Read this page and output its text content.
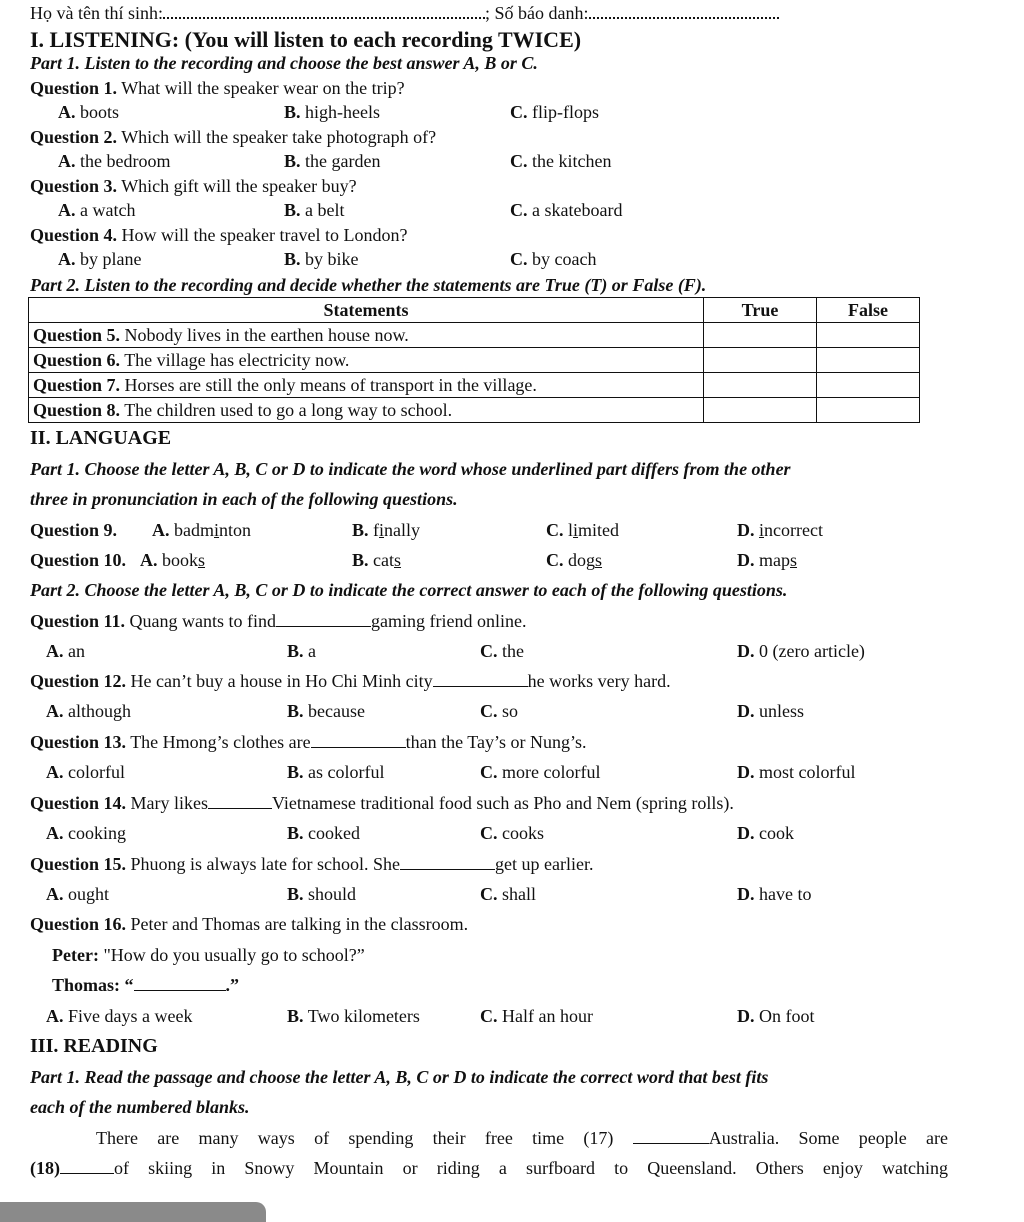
Họ và tên thí sinh:	; Số báo danh:
I. LISTENING: (You will listen to each recording TWICE)
Part 1. Listen to the recording and choose the best answer A, B or C.
Question 1. What will the speaker wear on the trip?
A. boots	B. high-heels	C. flip-flops
Question 2. Which will the speaker take photograph of?
A. the bedroom	B. the garden	C. the kitchen
Question 3. Which gift will the speaker buy?
A. a watch	B. a belt	C. a skateboard
Question 4. How will the speaker travel to London?
A. by plane	B. by bike	C. by coach
Part 2. Listen to the recording and decide whether the statements are True (T) or False (F).
Statements	True	False
Question 5. Nobody lives in the earthen house now.		
Question 6. The village has electricity now.		
Question 7. Horses are still the only means of transport in the village.		
Question 8. The children used to go a long way to school.		
II. LANGUAGE
Part 1. Choose the letter A, B, C or D to indicate the word whose underlined part differs from the other
three in pronunciation in each of the following questions.
Question 9. A. badminton	B. finally	C. limited	D. incorrect
Question 10. A. books	B. cats	C. dogs	D. maps
Part 2. Choose the letter A, B, C or D to indicate the correct answer to each of the following questions.
Question 11. Quang wants to find	gaming friend online.
A. an	B. a	C. the	D. 0 (zero article)
Question 12. He can’t buy a house in Ho Chi Minh city	he works very hard.
A. although	B. because	C. so	D. unless
Question 13. The Hmong’s clothes are	than the Tay’s or Nung’s.
A. colorful	B. as colorful	C. more colorful	D. most colorful
Question 14. Mary likes	Vietnamese traditional food such as Pho and Nem (spring rolls).
A. cooking	B. cooked	C. cooks	D. cook
Question 15. Phuong is always late for school. She	get up earlier.
A. ought	B. should	C. shall	D. have to
Question 16. Peter and Thomas are talking in the classroom.
Peter: "How do you usually go to school?”
Thomas: “	.”
A. Five days a week	B. Two kilometers	C. Half an hour	D. On foot
III. READING
Part 1. Read the passage and choose the letter A, B, C or D to indicate the correct word that best fits
each of the numbered blanks.
There are many ways of spending their free time (17)	Australia. Some people are
(18)	of skiing in Snowy Mountain or riding a surfboard to Queensland. Others enjoy watching
